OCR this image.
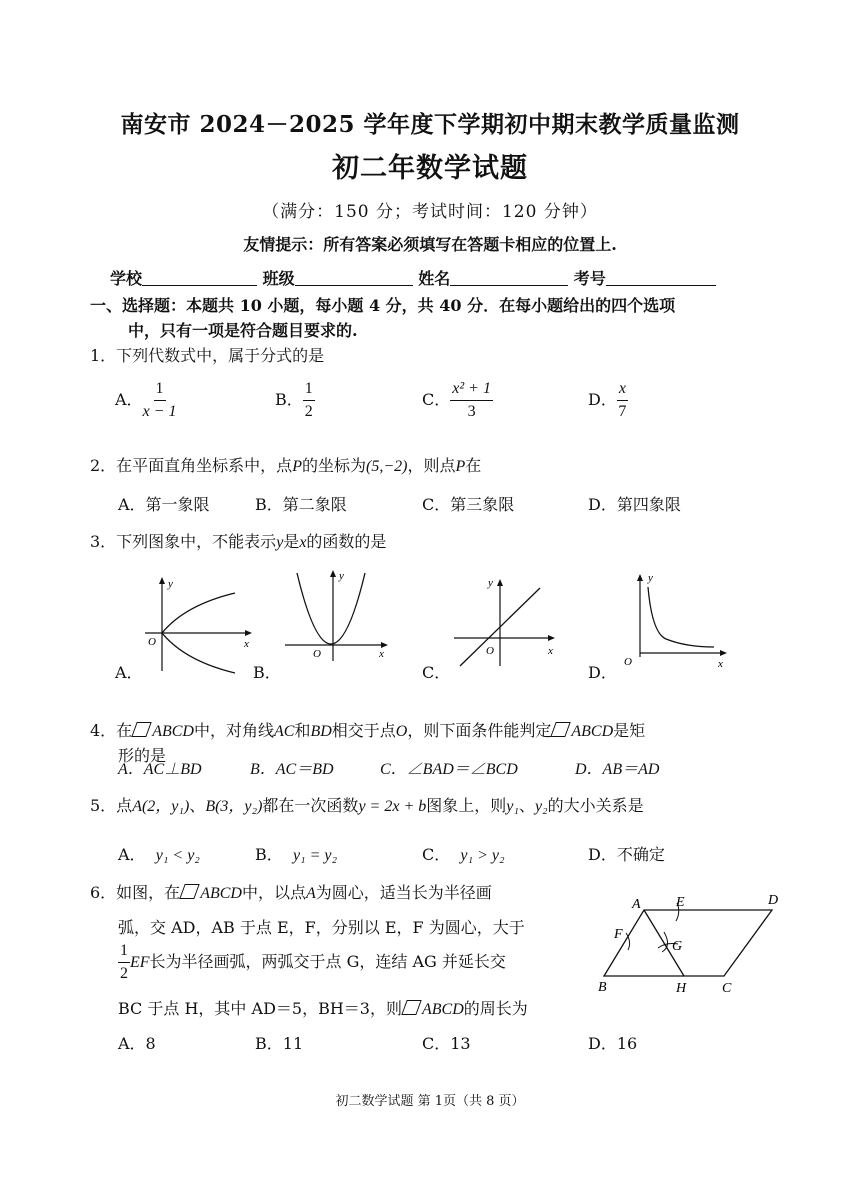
南安市 2024－2025 学年度下学期初中期末教学质量监测
初二年数学试题
（满分：150 分；考试时间：120 分钟）
友情提示：所有答案必须填写在答题卡相应的位置上.
学校	班级	姓名	考号
一、选择题：本题共 10 小题，每小题 4 分，共 40 分．在每小题给出的四个选项
中，只有一项是符合题目要求的.
1．下列代数式中，属于分式的是
A． $\frac{1}{x - 1}$	B． $\frac{1}{2}$	C． $\frac{\text{x² + 1}}{3}$	D． $\frac{x}{7}$
2．在平面直角坐标系中，点P的坐标为(5,−2)，则点P在
A．第一象限	B．第二象限	C．第三象限	D．第四象限
3．下列图象中，不能表示y是x的函数的是
A．	B．	C．	D．
y
x
O
y
x
O
y
x
O
y
x
O
4．在 ABCD中，对角线AC和BD相交于点O，则下面条件能判定 ABCD是矩
形的是
A．AC⊥BD	B．AC＝BD	C．∠BAD＝∠BCD	D．AB＝AD
5．点A(2，y₁)、B(3，y₂)都在一次函数y = 2x + b图象上，则y₁、y₂的大小关系是
A． y₁ < y₂	B． y₁ = y₂	C． y₁ > y₂	D．不确定
6．如图，在 ABCD中，以点A为圆心，适当长为半径画
弧，交 AD，AB 于点 E，F，分别以 E，F 为圆心，大于
$\frac{1}{2}$ EF长为半径画弧，两弧交于点 G，连结 AG 并延长交
BC 于点 H，其中 AD＝5，BH＝3，则 ABCD的周长为
A．8	B．11	C．13	D．16
A	D
E
F
G
B	H	C
初二数学试题 第 1页（共 8 页）
